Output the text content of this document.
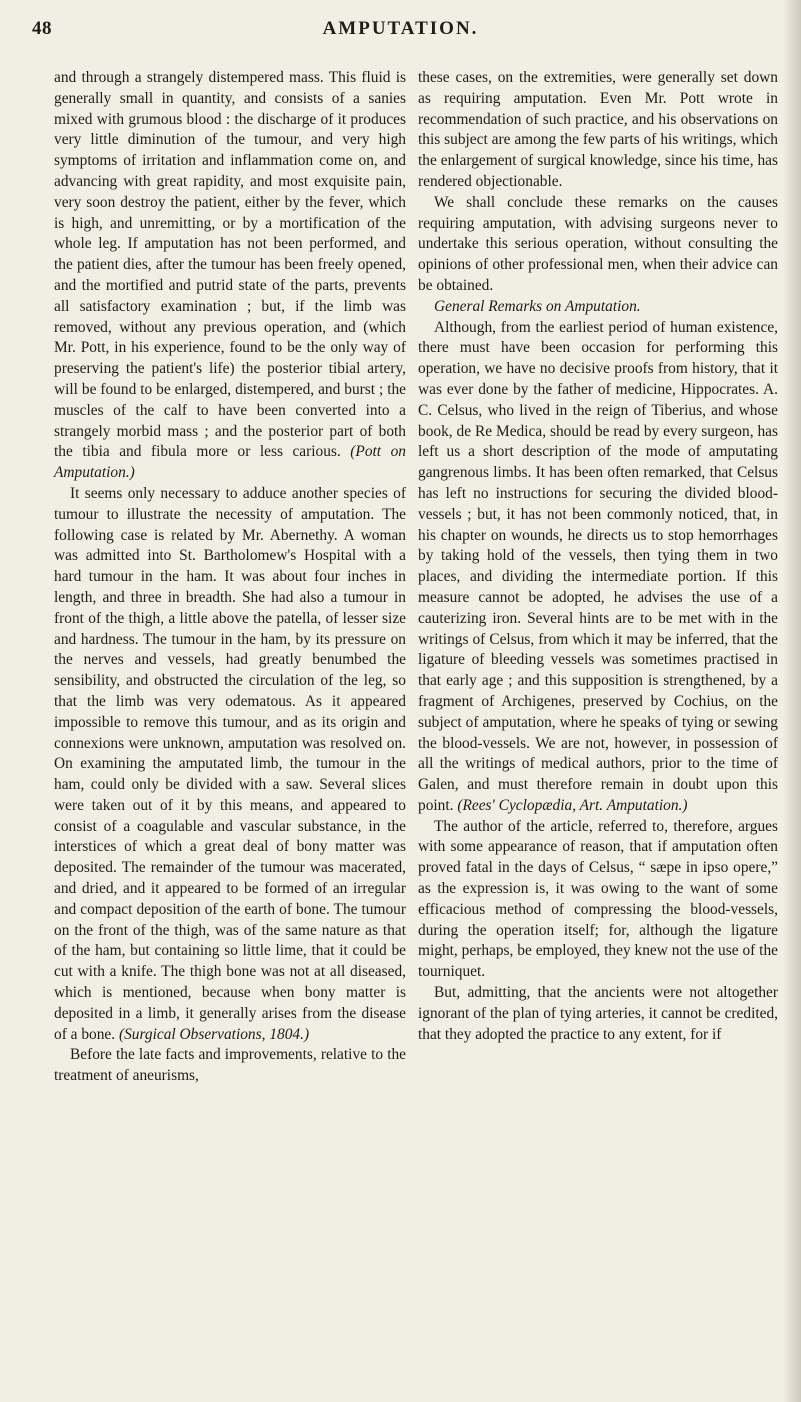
48	AMPUTATION.

and through a strangely distempered mass. This fluid is generally small in quantity, and consists of a sanies mixed with grumous blood : the discharge of it produces very little diminution of the tumour, and very high symptoms of irritation and inflammation come on, and advancing with great rapidity, and most exquisite pain, very soon destroy the patient, either by the fever, which is high, and unremitting, or by a mortification of the whole leg. If amputation has not been performed, and the patient dies, after the tumour has been freely opened, and the mortified and putrid state of the parts, prevents all satisfactory examination ; but, if the limb was removed, without any previous operation, and (which Mr. Pott, in his experience, found to be the only way of preserving the patient's life) the posterior tibial artery, will be found to be enlarged, distempered, and burst ; the muscles of the calf to have been converted into a strangely morbid mass ; and the posterior part of both the tibia and fibula more or less carious. (Pott on Amputation.)

It seems only necessary to adduce another species of tumour to illustrate the necessity of amputation. The following case is related by Mr. Abernethy. A woman was admitted into St. Bartholomew's Hospital with a hard tumour in the ham. It was about four inches in length, and three in breadth. She had also a tumour in front of the thigh, a little above the patella, of lesser size and hardness. The tumour in the ham, by its pressure on the nerves and vessels, had greatly benumbed the sensibility, and obstructed the circulation of the leg, so that the limb was very odematous. As it appeared impossible to remove this tumour, and as its origin and connexions were unknown, amputation was resolved on. On examining the amputated limb, the tumour in the ham, could only be divided with a saw. Several slices were taken out of it by this means, and appeared to consist of a coagulable and vascular substance, in the interstices of which a great deal of bony matter was deposited. The remainder of the tumour was macerated, and dried, and it appeared to be formed of an irregular and compact deposition of the earth of bone. The tumour on the front of the thigh, was of the same nature as that of the ham, but containing so little lime, that it could be cut with a knife. The thigh bone was not at all diseased, which is mentioned, because when bony matter is deposited in a limb, it generally arises from the disease of a bone. (Surgical Observations, 1804.)

Before the late facts and improvements, relative to the treatment of aneurisms,

these cases, on the extremities, were generally set down as requiring amputation. Even Mr. Pott wrote in recommendation of such practice, and his observations on this subject are among the few parts of his writings, which the enlargement of surgical knowledge, since his time, has rendered objectionable.

We shall conclude these remarks on the causes requiring amputation, with advising surgeons never to undertake this serious operation, without consulting the opinions of other professional men, when their advice can be obtained.

General Remarks on Amputation.

Although, from the earliest period of human existence, there must have been occasion for performing this operation, we have no decisive proofs from history, that it was ever done by the father of medicine, Hippocrates. A. C. Celsus, who lived in the reign of Tiberius, and whose book, de Re Medica, should be read by every surgeon, has left us a short description of the mode of amputating gangrenous limbs. It has been often remarked, that Celsus has left no instructions for securing the divided blood-vessels ; but, it has not been commonly noticed, that, in his chapter on wounds, he directs us to stop hemorrhages by taking hold of the vessels, then tying them in two places, and dividing the intermediate portion. If this measure cannot be adopted, he advises the use of a cauterizing iron. Several hints are to be met with in the writings of Celsus, from which it may be inferred, that the ligature of bleeding vessels was sometimes practised in that early age ; and this supposition is strengthened, by a fragment of Archigenes, preserved by Cochius, on the subject of amputation, where he speaks of tying or sewing the blood-vessels. We are not, however, in possession of all the writings of medical authors, prior to the time of Galen, and must therefore remain in doubt upon this point. (Rees' Cyclopædia, Art. Amputation.)

The author of the article, referred to, therefore, argues with some appearance of reason, that if amputation often proved fatal in the days of Celsus, “ sæpe in ipso opere,” as the expression is, it was owing to the want of some efficacious method of compressing the blood-vessels, during the operation itself; for, although the ligature might, perhaps, be employed, they knew not the use of the tourniquet.

But, admitting, that the ancients were not altogether ignorant of the plan of tying arteries, it cannot be credited, that they adopted the practice to any extent, for if
